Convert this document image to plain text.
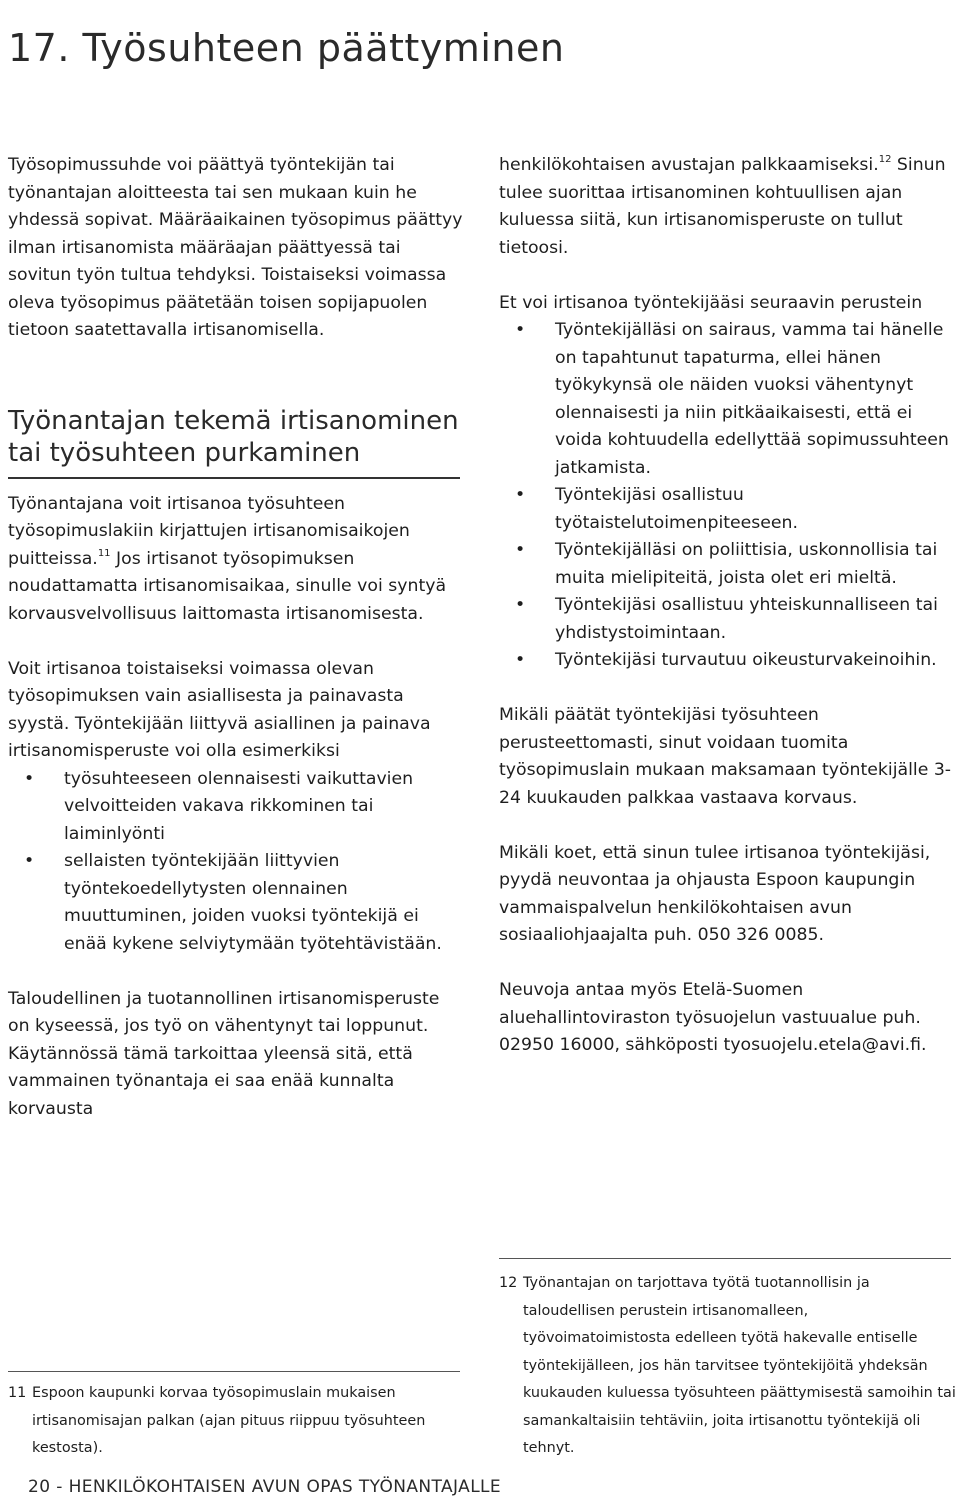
17. Työsuhteen päättyminen

Työsopimussuhde voi päättyä työntekijän tai työnantajan aloitteesta tai sen mukaan kuin he yhdessä sopivat. Määräaikainen työsopimus päättyy ilman irtisanomista määräajan päättyessä tai sovitun työn tultua tehdyksi. Toistaiseksi voimassa oleva työsopimus päätetään toisen sopijapuolen tietoon saatettavalla irtisanomisella.

Työnantajan tekemä irtisanominen tai työsuhteen purkaminen

Työnantajana voit irtisanoa työsuhteen työsopimuslakiin kirjattujen irtisanomisaikojen puitteissa.$^{11}$ Jos irtisanot työsopimuksen noudattamatta irtisanomisaikaa, sinulle voi syntyä korvausvelvollisuus laittomasta irtisanomisesta.

Voit irtisanoa toistaiseksi voimassa olevan työsopimuksen vain asiallisesta ja painavasta syystä. Työntekijään liittyvä asiallinen ja painava irtisanomisperuste voi olla esimerkiksi

• työsuhteeseen olennaisesti vaikuttavien velvoitteiden vakava rikkominen tai laiminlyönti
• sellaisten työntekijään liittyvien työntekoedellytysten olennainen muuttuminen, joiden vuoksi työntekijä ei enää kykene selviytymään työtehtävistään.

Taloudellinen ja tuotannollinen irtisanomisperuste on kyseessä, jos työ on vähentynyt tai loppunut. Käytännössä tämä tarkoittaa yleensä sitä, että vammainen työnantaja ei saa enää kunnalta korvausta

henkilökohtaisen avustajan palkkaamiseksi.$^{12}$ Sinun tulee suorittaa irtisanominen kohtuullisen ajan kuluessa siitä, kun irtisanomisperuste on tullut tietoosi.

Et voi irtisanoa työntekijääsi seuraavin perustein

• Työntekijälläsi on sairaus, vamma tai hänelle on tapahtunut tapaturma, ellei hänen työkykynsä ole näiden vuoksi vähentynyt olennaisesti ja niin pitkäaikaisesti, että ei voida kohtuudella edellyttää sopimussuhteen jatkamista.
• Työntekijäsi osallistuu työtaistelutoimenpiteeseen.
• Työntekijälläsi on poliittisia, uskonnollisia tai muita mielipiteitä, joista olet eri mieltä.
• Työntekijäsi osallistuu yhteiskunnalliseen tai yhdistystoimintaan.
• Työntekijäsi turvautuu oikeusturvakeinoihin.

Mikäli päätät työntekijäsi työsuhteen perusteettomasti, sinut voidaan tuomita työsopimuslain mukaan maksamaan työntekijälle 3-24 kuukauden palkkaa vastaava korvaus.

Mikäli koet, että sinun tulee irtisanoa työntekijäsi, pyydä neuvontaa ja ohjausta Espoon kaupungin vammaispalvelun henkilökohtaisen avun sosiaaliohjaajalta puh. 050 326 0085.

Neuvoja antaa myös Etelä-Suomen aluehallintoviraston työsuojelun vastuualue puh. 02950 16000, sähköposti tyosuojelu.etela@avi.fi.

12 Työnantajan on tarjottava työtä tuotannollisin ja taloudellisen perustein irtisanomalleen, työvoimatoimistosta edelleen työtä hakevalle entiselle työntekijälleen, jos hän tarvitsee työntekijöitä yhdeksän kuukauden kuluessa työsuhteen päättymisestä samoihin tai samankaltaisiin tehtäviin, joita irtisanottu työntekijä oli tehnyt.
11 Espoon kaupunki korvaa työsopimuslain mukaisen irtisanomisajan palkan (ajan pituus riippuu työsuhteen kestosta).

20 - HENKILÖKOHTAISEN AVUN OPAS TYÖNANTAJALLE
